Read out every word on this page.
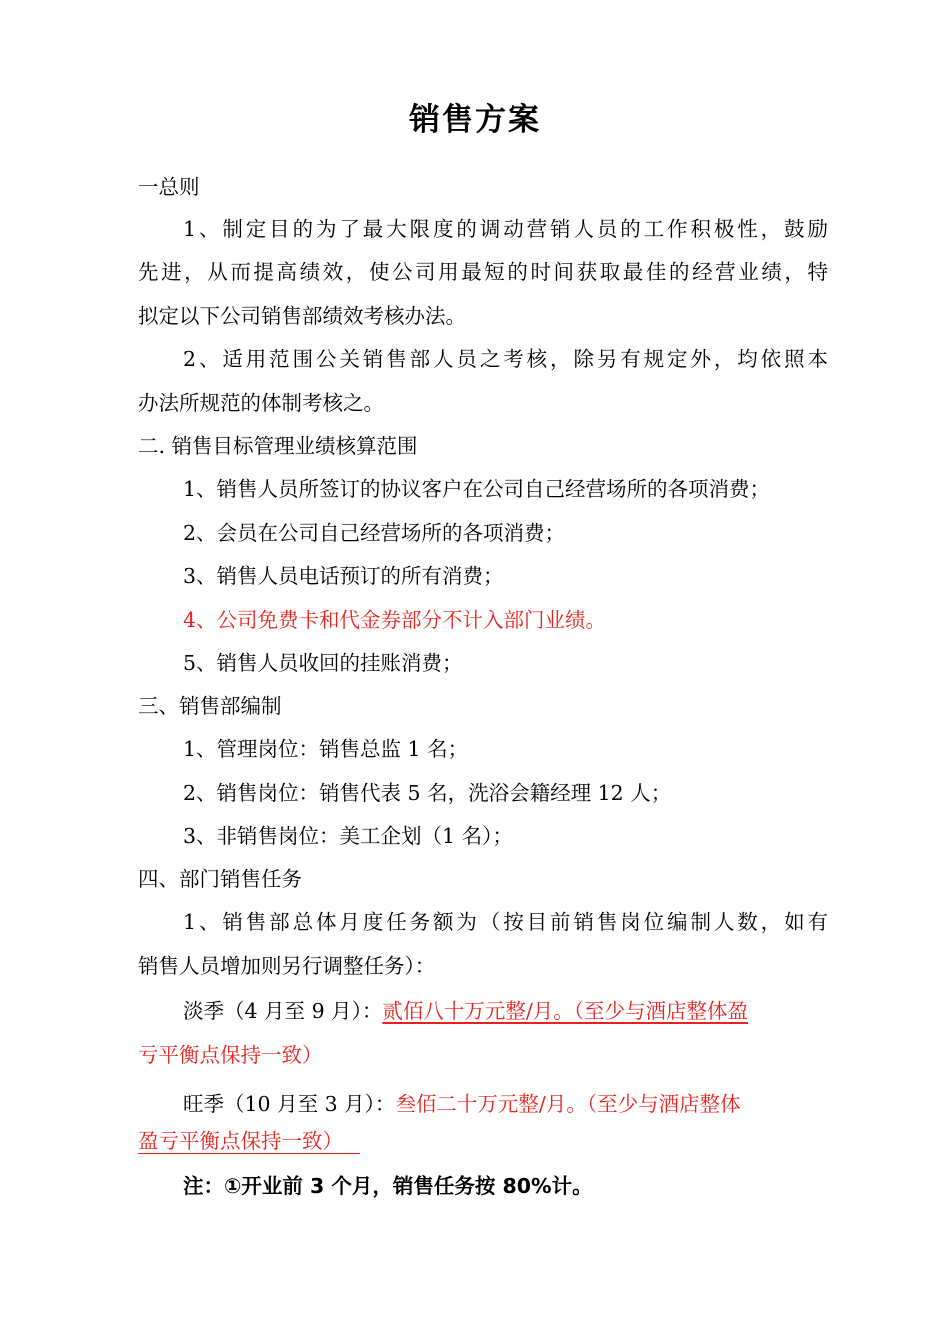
销售方案
一总则
1、制定目的为了最大限度的调动营销人员的工作积极性，鼓励
先进，从而提高绩效，使公司用最短的时间获取最佳的经营业绩，特
拟定以下公司销售部绩效考核办法。
2、适用范围公关销售部人员之考核，除另有规定外，均依照本
办法所规范的体制考核之。
二. 销售目标管理业绩核算范围
1、销售人员所签订的协议客户在公司自己经营场所的各项消费；
2、会员在公司自己经营场所的各项消费；
3、销售人员电话预订的所有消费；
4、公司免费卡和代金券部分不计入部门业绩。
5、销售人员收回的挂账消费；
三、销售部编制
1、管理岗位：销售总监 1 名；
2、销售岗位：销售代表 5 名，洗浴会籍经理 12 人；
3、非销售岗位：美工企划（1 名）；
四、部门销售任务
1、销售部总体月度任务额为（按目前销售岗位编制人数，如有
销售人员增加则另行调整任务）：
淡季（4 月至 9 月）：贰佰八十万元整/月。（至少与酒店整体盈
亏平衡点保持一致）
旺季（10 月至 3 月）：叁佰二十万元整/月。（至少与酒店整体
盈亏平衡点保持一致）
注：①开业前 3 个月，销售任务按 80%计。
